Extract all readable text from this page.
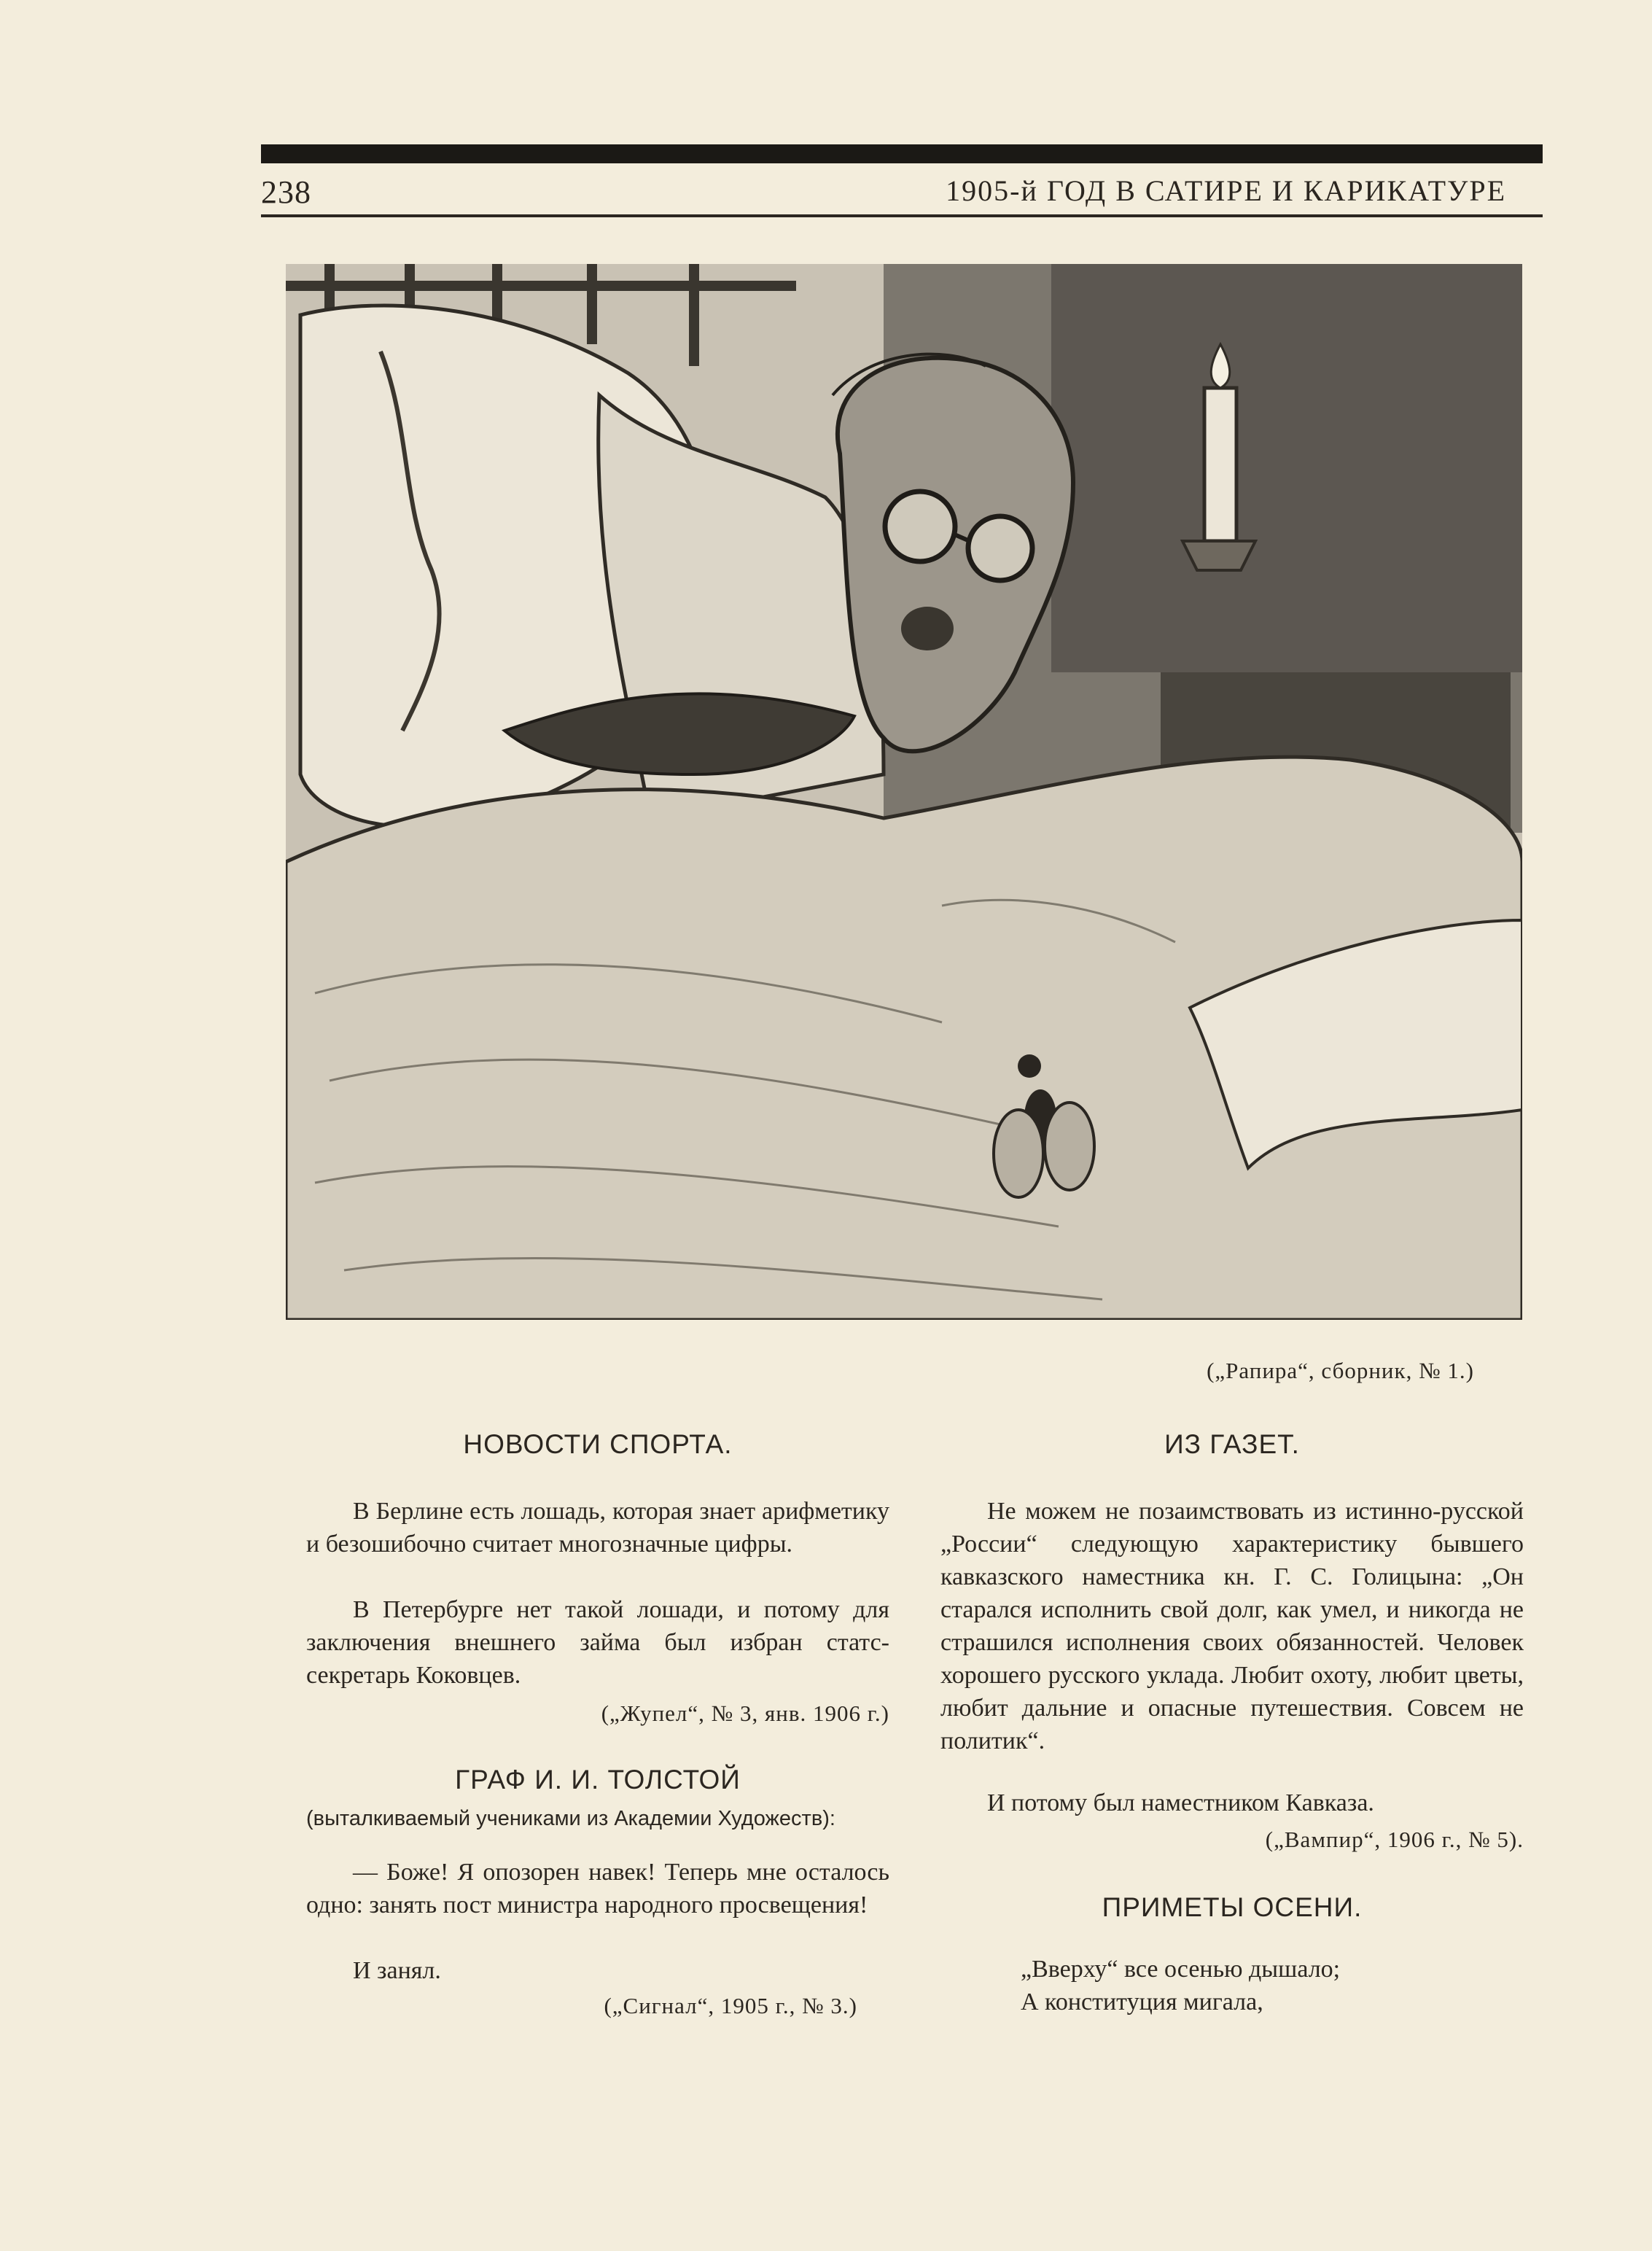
238	1905-й ГОД В САТИРЕ И КАРИКАТУРЕ
(„Рапира“, сборник, № 1.)
НОВОСТИ СПОРТА.

В Берлине есть лошадь, которая знает арифметику и безошибочно считает многозначные цифры.

В Петербурге нет такой лошади, и потому для заключения внешнего займа был избран статс-секретарь Коковцев.

(„Жупел“, № 3, янв. 1906 г.)
ГРАФ И. И. ТОЛСТОЙ
(выталкиваемый учениками из Академии Художеств):

— Боже! Я опозорен навек! Теперь мне осталось одно: занять пост министра народного просвещения!

И занял.

(„Сигнал“, 1905 г., № 3.)
ИЗ ГАЗЕТ.

Не можем не позаимствовать из истинно-русской „России“ следующую характеристику бывшего кавказского наместника кн. Г. С. Голицына: „Он старался исполнить свой долг, как умел, и никогда не страшился исполнения своих обязанностей. Человек хорошего русского уклада. Любит охоту, любит цветы, любит дальние и опасные путешествия. Совсем не политик“.

И потому был наместником Кавказа.

(„Вампир“, 1906 г., № 5).
ПРИМЕТЫ ОСЕНИ.

„Вверху“ все осенью дышало;

А конституция мигала,
